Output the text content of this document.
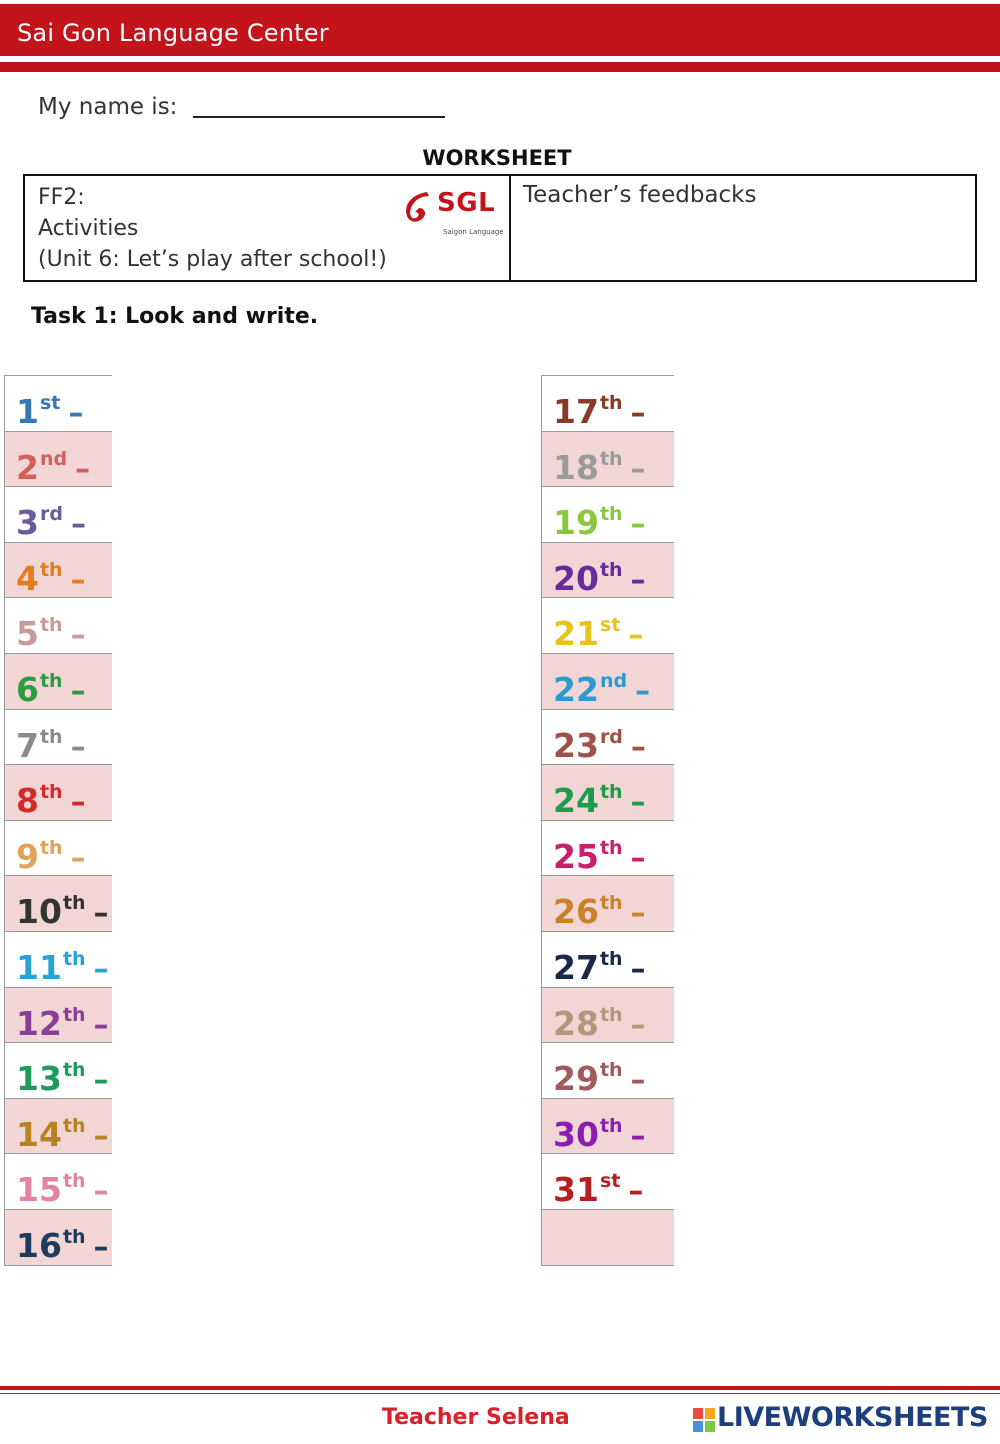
Sai Gon Language Center
My name is:
WORKSHEET
FF2:
Activities
(Unit 6: Let’s play after school!)
SGL
Saigon Language
Teacher’s feedbacks
Task 1: Look and write.
1st –
2nd –
3rd –
4th –
5th –
6th –
7th –
8th –
9th –
10th –
11th –
12th –
13th –
14th –
15th –
16th –
17th –
18th –
19th –
20th –
21st –
22nd –
23rd –
24th –
25th –
26th –
27th –
28th –
29th –
30th –
31st –
Teacher Selena	LIVEWORKSHEETS
